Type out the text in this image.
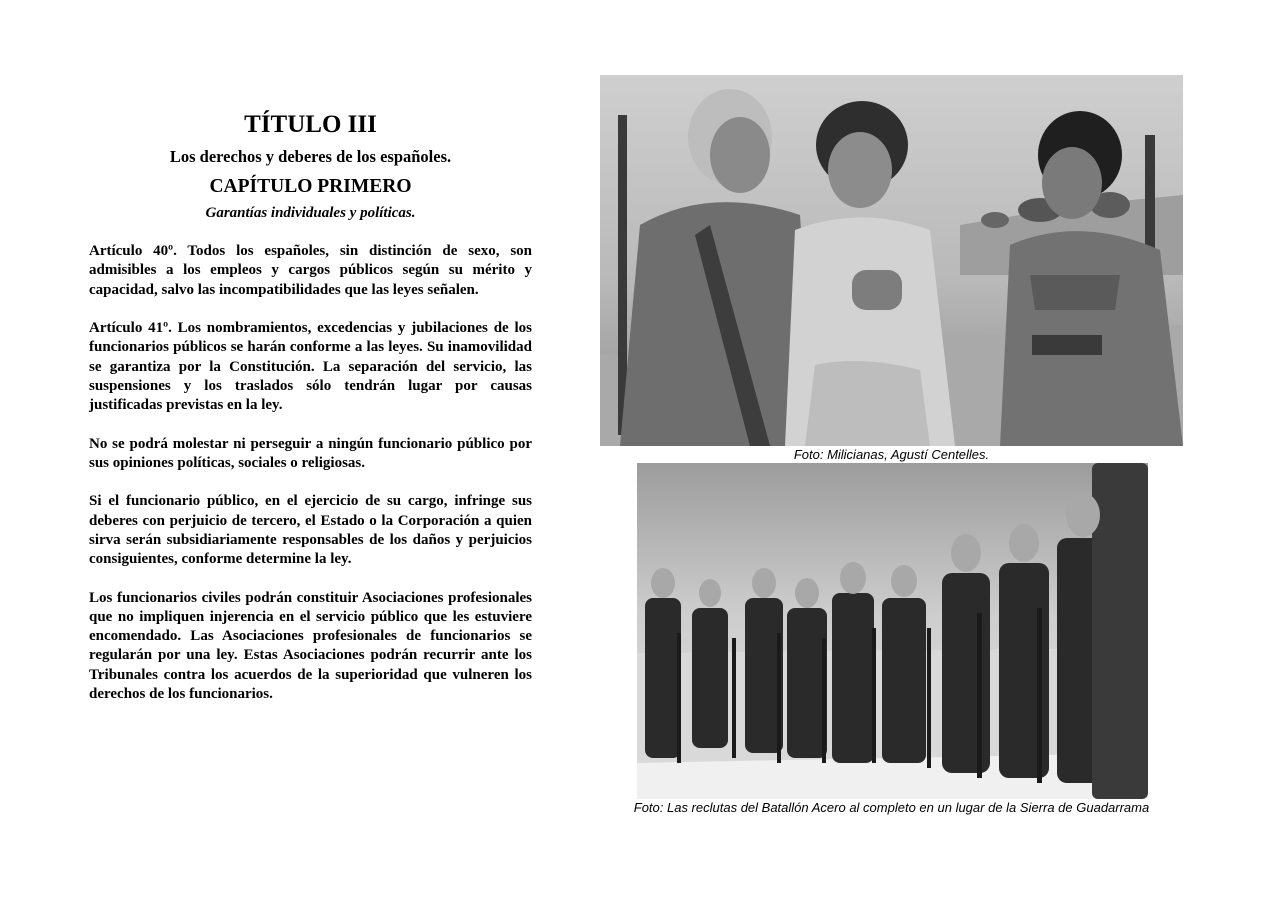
TÍTULO III
Los derechos y deberes de los españoles.
CAPÍTULO PRIMERO
Garantías individuales y políticas.

Artículo 40º. Todos los españoles, sin distinción de sexo, son admisibles a los empleos y cargos públicos según su mérito y capacidad, salvo las incompatibilidades que las leyes señalen.

Artículo 41º. Los nombramientos, excedencias y jubilaciones de los funcionarios públicos se harán conforme a las leyes. Su inamovilidad se garantiza por la Constitución. La separación del servicio, las suspensiones y los traslados sólo tendrán lugar por causas justificadas previstas en la ley.

No se podrá molestar ni perseguir a ningún funcionario público por sus opiniones políticas, sociales o religiosas.

Si el funcionario público, en el ejercicio de su cargo, infringe sus deberes con perjuicio de tercero, el Estado o la Corporación a quien sirva serán subsidiariamente responsables de los daños y perjuicios consiguientes, conforme determine la ley.

Los funcionarios civiles podrán constituir Asociaciones profesionales que no impliquen injerencia en el servicio público que les estuviere encomendado. Las Asociaciones profesionales de funcionarios se regularán por una ley. Estas Asociaciones podrán recurrir ante los Tribunales contra los acuerdos de la superioridad que vulneren los derechos de los funcionarios.

Foto: Milicianas, Agustí Centelles.
Foto: Las reclutas del Batallón Acero al completo en un lugar de la Sierra de Guadarrama
